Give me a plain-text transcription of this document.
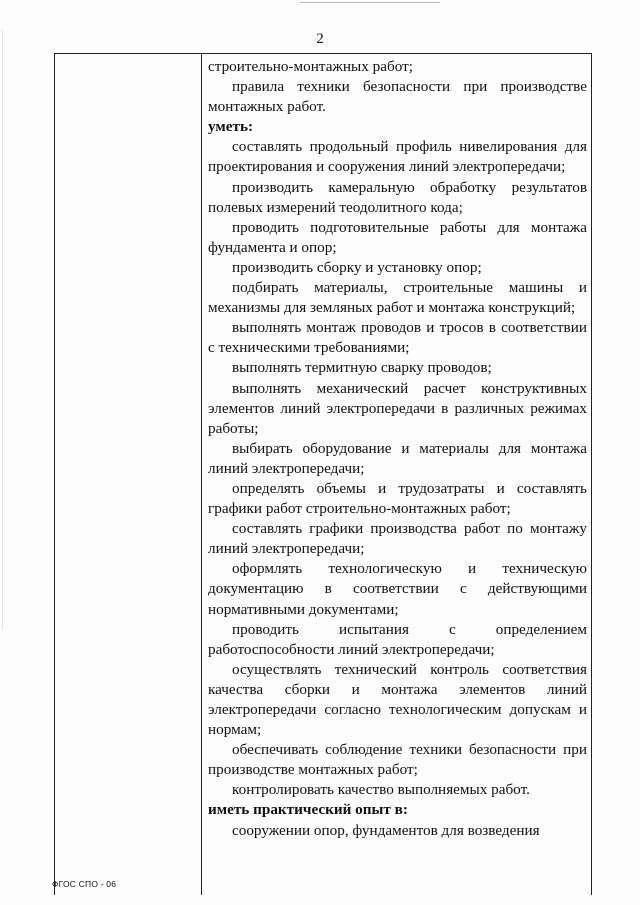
2

строительно-монтажных работ;

правила техники безопасности при производстве монтажных работ.

уметь:

составлять продольный профиль нивелирования для проектирования и сооружения линий электропередачи;

производить камеральную обработку результатов полевых измерений теодолитного кода;

проводить подготовительные работы для монтажа фундамента и опор;

производить сборку и установку опор;

подбирать материалы, строительные машины и механизмы для земляных работ и монтажа конструкций;

выполнять монтаж проводов и тросов в соответствии с техническими требованиями;

выполнять термитную сварку проводов;

выполнять механический расчет конструктивных элементов линий электропередачи в различных режимах работы;

выбирать оборудование и материалы для монтажа линий электропередачи;

определять объемы и трудозатраты и составлять графики работ строительно-монтажных работ;

составлять графики производства работ по монтажу линий электропередачи;

оформлять технологическую и техническую документацию в соответствии с действующими нормативными документами;

проводить испытания с определением работоспособности линий электропередачи;

осуществлять технический контроль соответствия качества сборки и монтажа элементов линий электропередачи согласно технологическим допускам и нормам;

обеспечивать соблюдение техники безопасности при производстве монтажных работ;

контролировать качество выполняемых работ.

иметь практический опыт в:

сооружении опор, фундаментов для возведения

ФГОС СПО - 06
